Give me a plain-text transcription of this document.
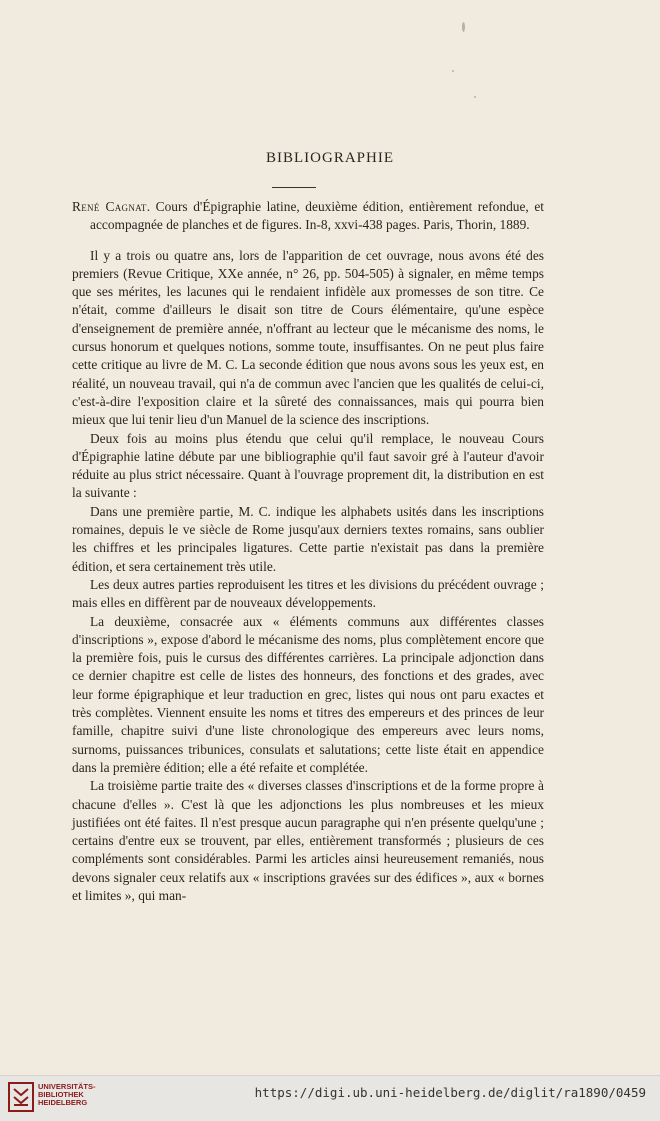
BIBLIOGRAPHIE
René Cagnat. Cours d'Épigraphie latine, deuxième édition, entièrement refondue, et accompagnée de planches et de figures. In-8, xxvi-438 pages. Paris, Thorin, 1889.

Il y a trois ou quatre ans, lors de l'apparition de cet ouvrage, nous avons été des premiers (Revue Critique, XXe année, n° 26, pp. 504-505) à signaler, en même temps que ses mérites, les lacunes qui le rendaient infidèle aux promesses de son titre. Ce n'était, comme d'ailleurs le disait son titre de Cours élémentaire, qu'une espèce d'enseignement de première année, n'offrant au lecteur que le mécanisme des noms, le cursus honorum et quelques notions, somme toute, insuffisantes. On ne peut plus faire cette critique au livre de M. C. La seconde édition que nous avons sous les yeux est, en réalité, un nouveau travail, qui n'a de commun avec l'ancien que les qualités de celui-ci, c'est-à-dire l'exposition claire et la sûreté des connaissances, mais qui pourra bien mieux que lui tenir lieu d'un Manuel de la science des inscriptions.

Deux fois au moins plus étendu que celui qu'il remplace, le nouveau Cours d'Épigraphie latine débute par une bibliographie qu'il faut savoir gré à l'auteur d'avoir réduite au plus strict nécessaire. Quant à l'ouvrage proprement dit, la distribution en est la suivante :

Dans une première partie, M. C. indique les alphabets usités dans les inscriptions romaines, depuis le ve siècle de Rome jusqu'aux derniers textes romains, sans oublier les chiffres et les principales ligatures. Cette partie n'existait pas dans la première édition, et sera certainement très utile.

Les deux autres parties reproduisent les titres et les divisions du précédent ouvrage ; mais elles en diffèrent par de nouveaux développements.

La deuxième, consacrée aux « éléments communs aux différentes classes d'inscriptions », expose d'abord le mécanisme des noms, plus complètement encore que la première fois, puis le cursus des différentes carrières. La principale adjonction dans ce dernier chapitre est celle de listes des honneurs, des fonctions et des grades, avec leur forme épigraphique et leur traduction en grec, listes qui nous ont paru exactes et très complètes. Viennent ensuite les noms et titres des empereurs et des princes de leur famille, chapitre suivi d'une liste chronologique des empereurs avec leurs noms, surnoms, puissances tribunices, consulats et salutations; cette liste était en appendice dans la première édition; elle a été refaite et complétée.

La troisième partie traite des « diverses classes d'inscriptions et de la forme propre à chacune d'elles ». C'est là que les adjonctions les plus nombreuses et les mieux justifiées ont été faites. Il n'est presque aucun paragraphe qui n'en présente quelqu'une ; certains d'entre eux se trouvent, par elles, entièrement transformés ; plusieurs de ces compléments sont considérables. Parmi les articles ainsi heureusement remaniés, nous devons signaler ceux relatifs aux « inscriptions gravées sur des édifices », aux « bornes et limites », qui man-

UNIVERSITÄTS-
BIBLIOTHEK
HEIDELBERG
https://digi.ub.uni-heidelberg.de/diglit/ra1890/0459
